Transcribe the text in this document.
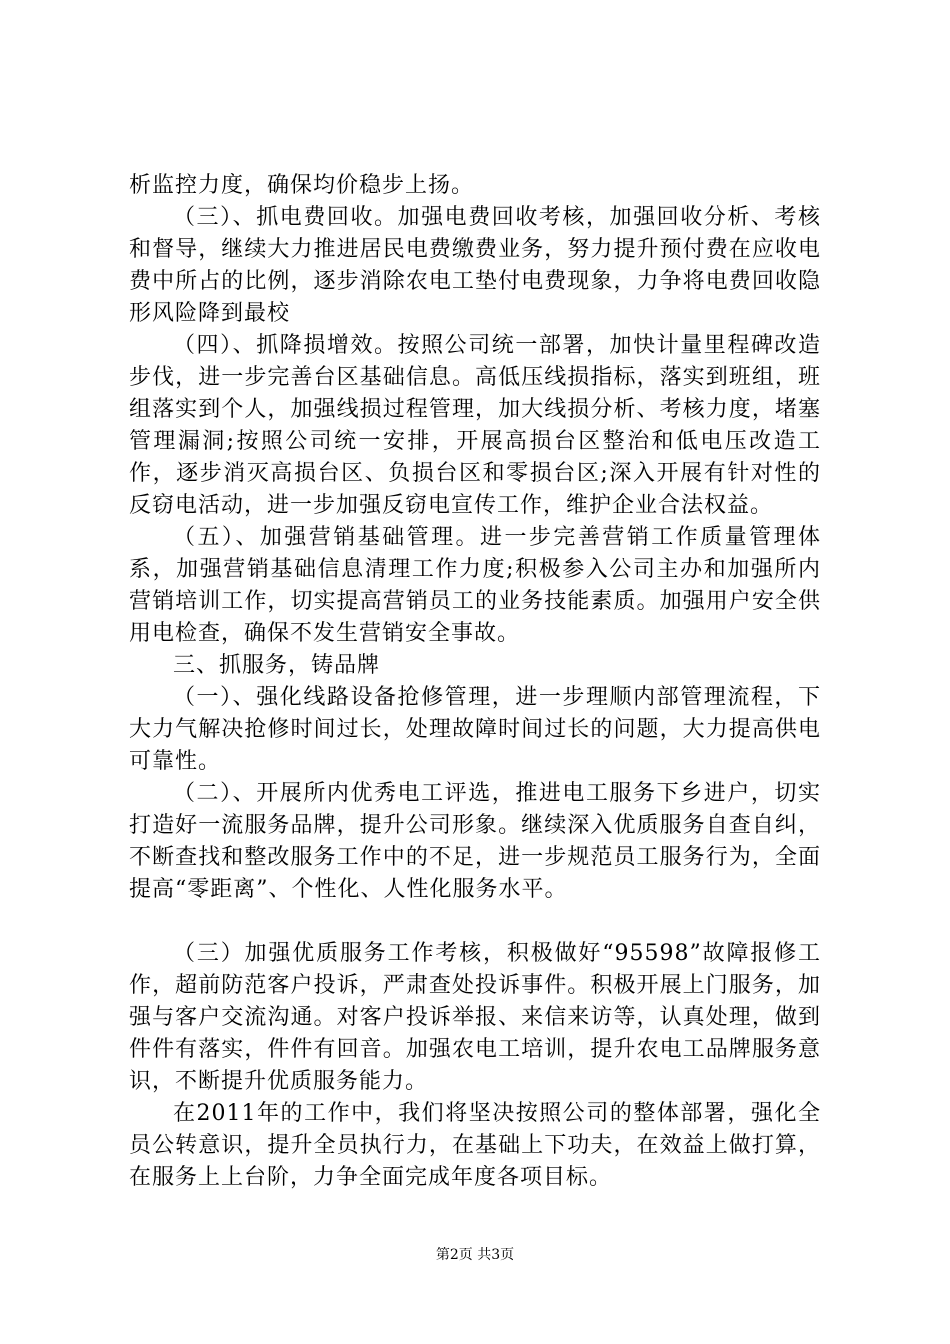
析监控力度，确保均价稳步上扬。

（三）、抓电费回收。加强电费回收考核，加强回收分析、考核和督导，继续大力推进居民电费缴费业务，努力提升预付费在应收电费中所占的比例，逐步消除农电工垫付电费现象，力争将电费回收隐形风险降到最校

（四）、抓降损增效。按照公司统一部署，加快计量里程碑改造步伐，进一步完善台区基础信息。高低压线损指标，落实到班组，班组落实到个人，加强线损过程管理，加大线损分析、考核力度，堵塞管理漏洞;按照公司统一安排，开展高损台区整治和低电压改造工作，逐步消灭高损台区、负损台区和零损台区;深入开展有针对性的反窃电活动，进一步加强反窃电宣传工作，维护企业合法权益。

（五）、加强营销基础管理。进一步完善营销工作质量管理体系，加强营销基础信息清理工作力度;积极参入公司主办和加强所内营销培训工作，切实提高营销员工的业务技能素质。加强用户安全供用电检查，确保不发生营销安全事故。

三、抓服务，铸品牌

（一）、强化线路设备抢修管理，进一步理顺内部管理流程，下大力气解决抢修时间过长，处理故障时间过长的问题，大力提高供电可靠性。

（二）、开展所内优秀电工评选，推进电工服务下乡进户，切实打造好一流服务品牌，提升公司形象。继续深入优质服务自查自纠，不断查找和整改服务工作中的不足，进一步规范员工服务行为，全面提高“零距离”、个性化、人性化服务水平。

（三）加强优质服务工作考核，积极做好“95598”故障报修工作，超前防范客户投诉，严肃查处投诉事件。积极开展上门服务，加强与客户交流沟通。对客户投诉举报、来信来访等，认真处理，做到件件有落实，件件有回音。加强农电工培训，提升农电工品牌服务意识，不断提升优质服务能力。

在2011年的工作中，我们将坚决按照公司的整体部署，强化全员公转意识，提升全员执行力，在基础上下功夫，在效益上做打算，在服务上上台阶，力争全面完成年度各项目标。

第2页 共3页
